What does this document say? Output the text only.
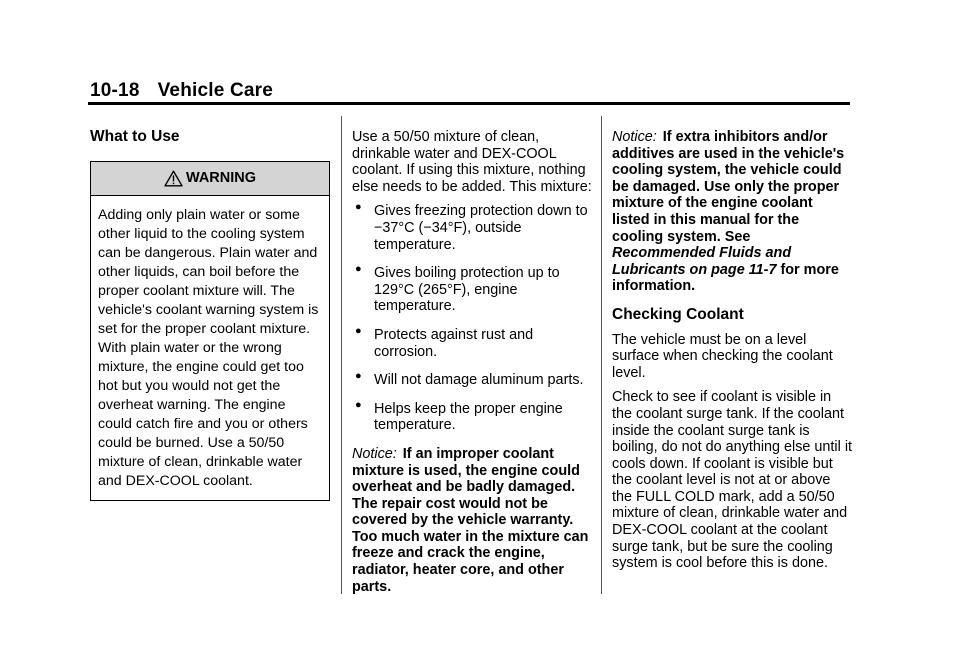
10-18 Vehicle Care
What to Use
WARNING
Adding only plain water or some other liquid to the cooling system can be dangerous. Plain water and other liquids, can boil before the proper coolant mixture will. The vehicle's coolant warning system is set for the proper coolant mixture. With plain water or the wrong mixture, the engine could get too hot but you would not get the overheat warning. The engine could catch fire and you or others could be burned. Use a 50/50 mixture of clean, drinkable water and DEX-COOL coolant.

Use a 50/50 mixture of clean, drinkable water and DEX-COOL coolant. If using this mixture, nothing else needs to be added. This mixture:

● Gives freezing protection down to −37°C (−34°F), outside temperature.
● Gives boiling protection up to 129°C (265°F), engine temperature.
● Protects against rust and corrosion.
● Will not damage aluminum parts.
● Helps keep the proper engine temperature.

Notice: If an improper coolant mixture is used, the engine could overheat and be badly damaged. The repair cost would not be covered by the vehicle warranty. Too much water in the mixture can freeze and crack the engine, radiator, heater core, and other parts.

Notice: If extra inhibitors and/or additives are used in the vehicle's cooling system, the vehicle could be damaged. Use only the proper mixture of the engine coolant listed in this manual for the cooling system. See Recommended Fluids and Lubricants on page 11‑7 for more information.

Checking Coolant

The vehicle must be on a level surface when checking the coolant level.

Check to see if coolant is visible in the coolant surge tank. If the coolant inside the coolant surge tank is boiling, do not do anything else until it cools down. If coolant is visible but the coolant level is not at or above the FULL COLD mark, add a 50/50 mixture of clean, drinkable water and DEX-COOL coolant at the coolant surge tank, but be sure the cooling system is cool before this is done.
